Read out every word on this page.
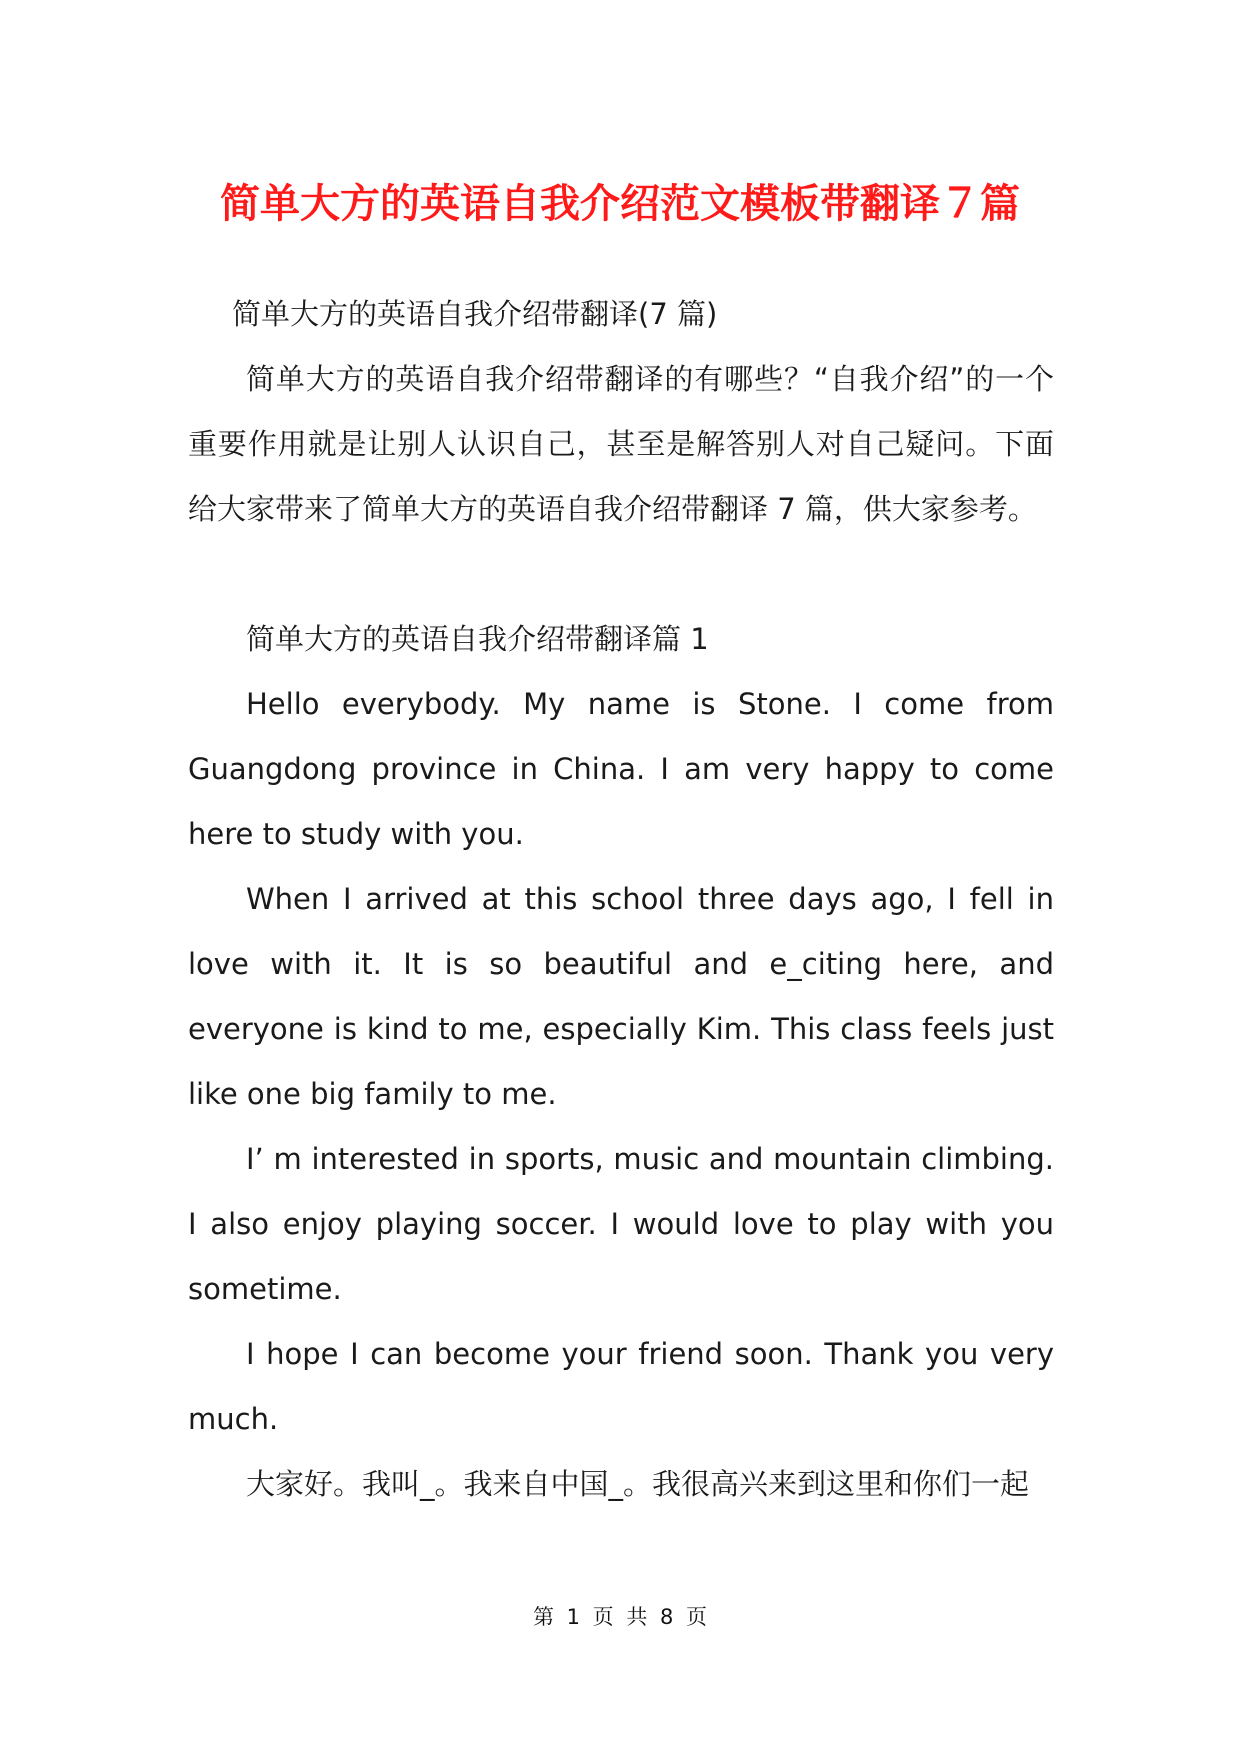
简单大方的英语自我介绍范文模板带翻译７篇

简单大方的英语自我介绍带翻译(7 篇)

简单大方的英语自我介绍带翻译的有哪些？“自我介绍”的一个重要作用就是让别人认识自己，甚至是解答别人对自己疑问。下面给大家带来了简单大方的英语自我介绍带翻译 7 篇，供大家参考。

简单大方的英语自我介绍带翻译篇 1

Hello everybody. My name is Stone. I come from Guangdong province in China. I am very happy to come here to study with you.

When I arrived at this school three days ago, I fell in love with it. It is so beautiful and e_citing here, and everyone is kind to me, especially Kim. This class feels just like one big family to me.

I’ m interested in sports, music and mountain climbing. I also enjoy playing soccer. I would love to play with you sometime.

I hope I can become your friend soon. Thank you very much.

大家好。我叫_。我来自中国_。我很高兴来到这里和你们一起

第 1 页 共 8 页
